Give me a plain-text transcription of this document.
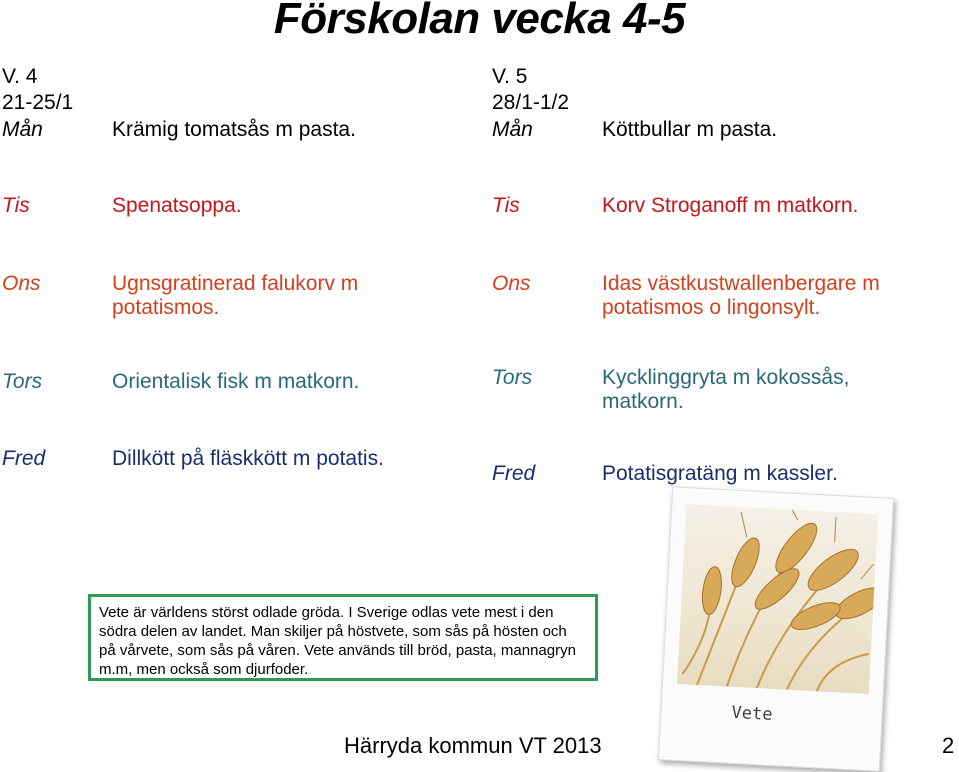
Förskolan vecka 4-5
V. 4
21-25/1
Mån	Krämig tomatsås m pasta.
Tis	Spenatsoppa.
Ons	Ugnsgratinerad falukorv m
potatismos.
Tors	Orientalisk fisk m matkorn.
Fred	Dillkött på fläskkött m potatis.
V. 5
28/1-1/2
Mån	Köttbullar m pasta.
Tis	Korv Stroganoff m matkorn.
Ons	Idas västkustwallenbergare m
potatismos o lingonsylt.
Tors	Kycklinggryta m kokossås,
matkorn.
Fred	Potatisgratäng m kassler.
Vete
Vete är världens störst odlade gröda. I Sverige odlas vete mest i den
södra delen av landet. Man skiljer på höstvete, som sås på hösten och
på vårvete, som sås på våren. Vete används till bröd, pasta, mannagryn
m.m, men också som djurfoder.
Härryda kommun VT 2013	2
